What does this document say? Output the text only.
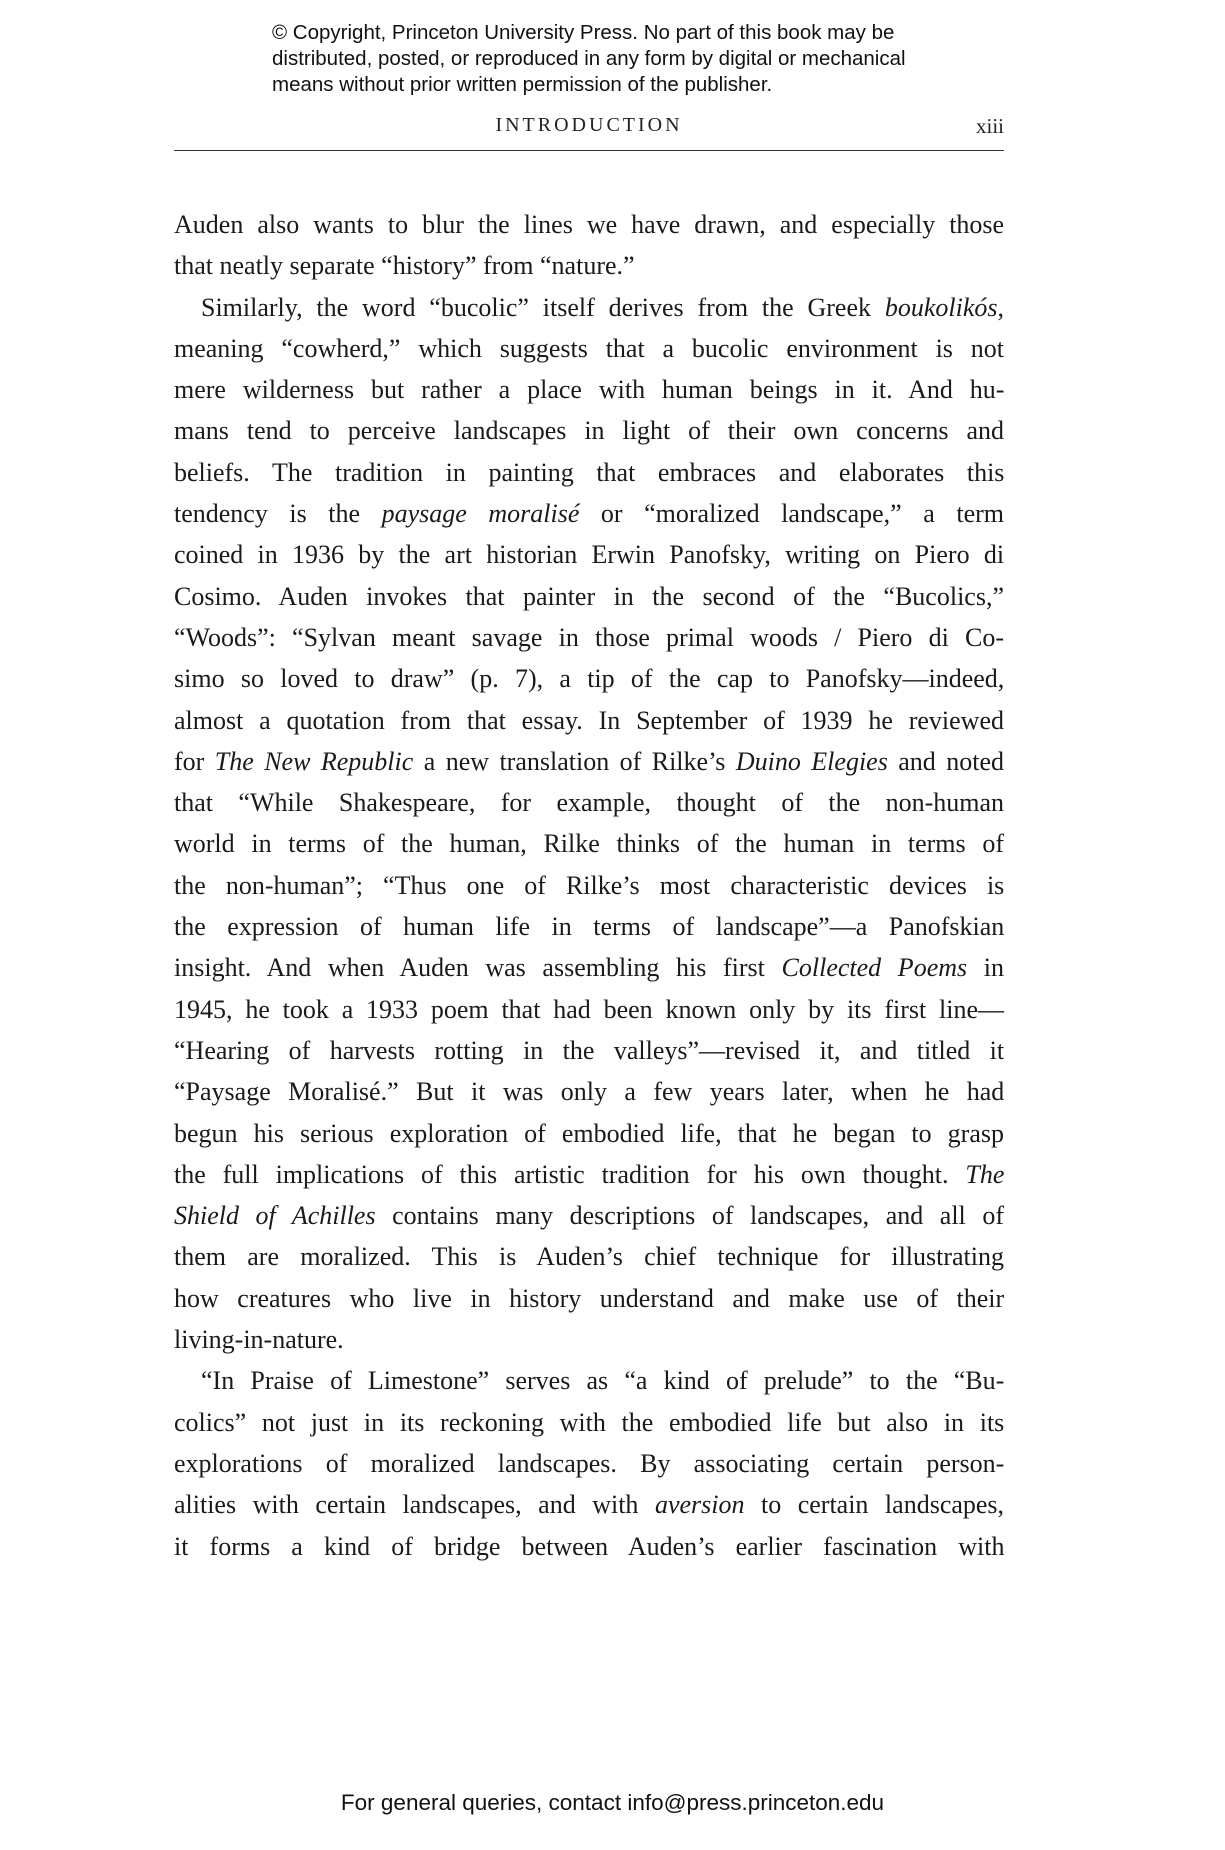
© Copyright, Princeton University Press. No part of this book may be
distributed, posted, or reproduced in any form by digital or mechanical
means without prior written permission of the publisher.
INTRODUCTION	xiii
Auden also wants to blur the lines we have drawn, and especially those
that neatly separate “history” from “nature.”
Similarly, the word “bucolic” itself derives from the Greek boukolikós,
meaning “cowherd,” which suggests that a bucolic environment is not
mere wilderness but rather a place with human beings in it. And hu-
mans tend to perceive landscapes in light of their own concerns and
beliefs. The tradition in painting that embraces and elaborates this
tendency is the paysage moralisé or “moralized landscape,” a term
coined in 1936 by the art historian Erwin Panofsky, writing on Piero di
Cosimo. Auden invokes that painter in the second of the “Bucolics,”
“Woods”: “Sylvan meant savage in those primal woods / Piero di Co-
simo so loved to draw” (p. 7), a tip of the cap to Panofsky—indeed,
almost a quotation from that essay. In September of 1939 he reviewed
for The New Republic a new translation of Rilke’s Duino Elegies and noted
that “While Shakespeare, for example, thought of the non-human
world in terms of the human, Rilke thinks of the human in terms of
the non-human”; “Thus one of Rilke’s most characteristic devices is
the expression of human life in terms of landscape”—a Panofskian
insight. And when Auden was assembling his first Collected Poems in
1945, he took a 1933 poem that had been known only by its first line—
“Hearing of harvests rotting in the valleys”—revised it, and titled it
“Paysage Moralisé.” But it was only a few years later, when he had
begun his serious exploration of embodied life, that he began to grasp
the full implications of this artistic tradition for his own thought. The
Shield of Achilles contains many descriptions of landscapes, and all of
them are moralized. This is Auden’s chief technique for illustrating
how creatures who live in history understand and make use of their
living-in-nature.
“In Praise of Limestone” serves as “a kind of prelude” to the “Bu-
colics” not just in its reckoning with the embodied life but also in its
explorations of moralized landscapes. By associating certain person-
alities with certain landscapes, and with aversion to certain landscapes,
it forms a kind of bridge between Auden’s earlier fascination with
For general queries, contact info@press.princeton.edu
